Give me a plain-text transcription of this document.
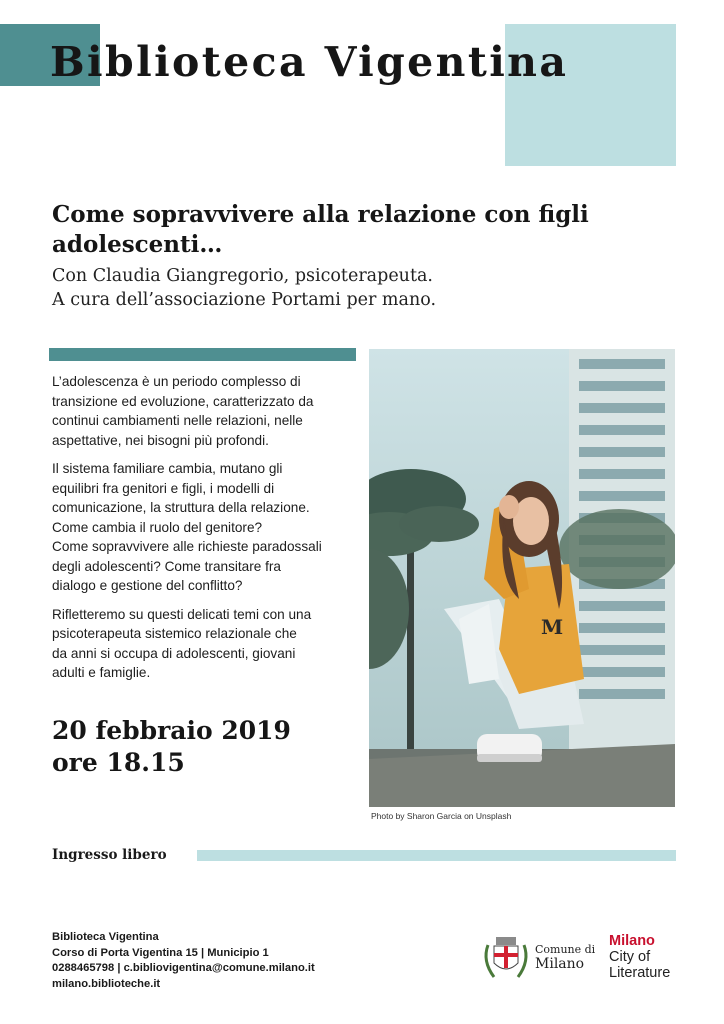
Biblioteca Vigentina
Come sopravvivere alla relazione con figli adolescenti…

Con Claudia Giangregorio, psicoterapeuta.

A cura dell’associazione Portami per mano.

L’adolescenza è un periodo complesso di
transizione ed evoluzione, caratterizzato da
continui cambiamenti nelle relazioni, nelle
aspettative, nei bisogni più profondi.

Il sistema familiare cambia, mutano gli
equilibri fra genitori e figli, i modelli di
comunicazione, la struttura della relazione.
Come cambia il ruolo del genitore?
Come sopravvivere alle richieste paradossali
degli adolescenti? Come transitare fra
dialogo e gestione del conflitto?

Rifletteremo su questi delicati temi con una
psicoterapeuta sistemico relazionale che
da anni si occupa di adolescenti, giovani
adulti e famiglie.

20 febbraio 2019
ore 18.15
M
Photo by Sharon Garcia on Unsplash
Ingresso libero
Biblioteca Vigentina
Corso di Porta Vigentina 15 | Municipio 1
0288465798 | c.bibliovigentina@comune.milano.it
milano.biblioteche.it
Comune di
Milano
Milano
City of
Literature
